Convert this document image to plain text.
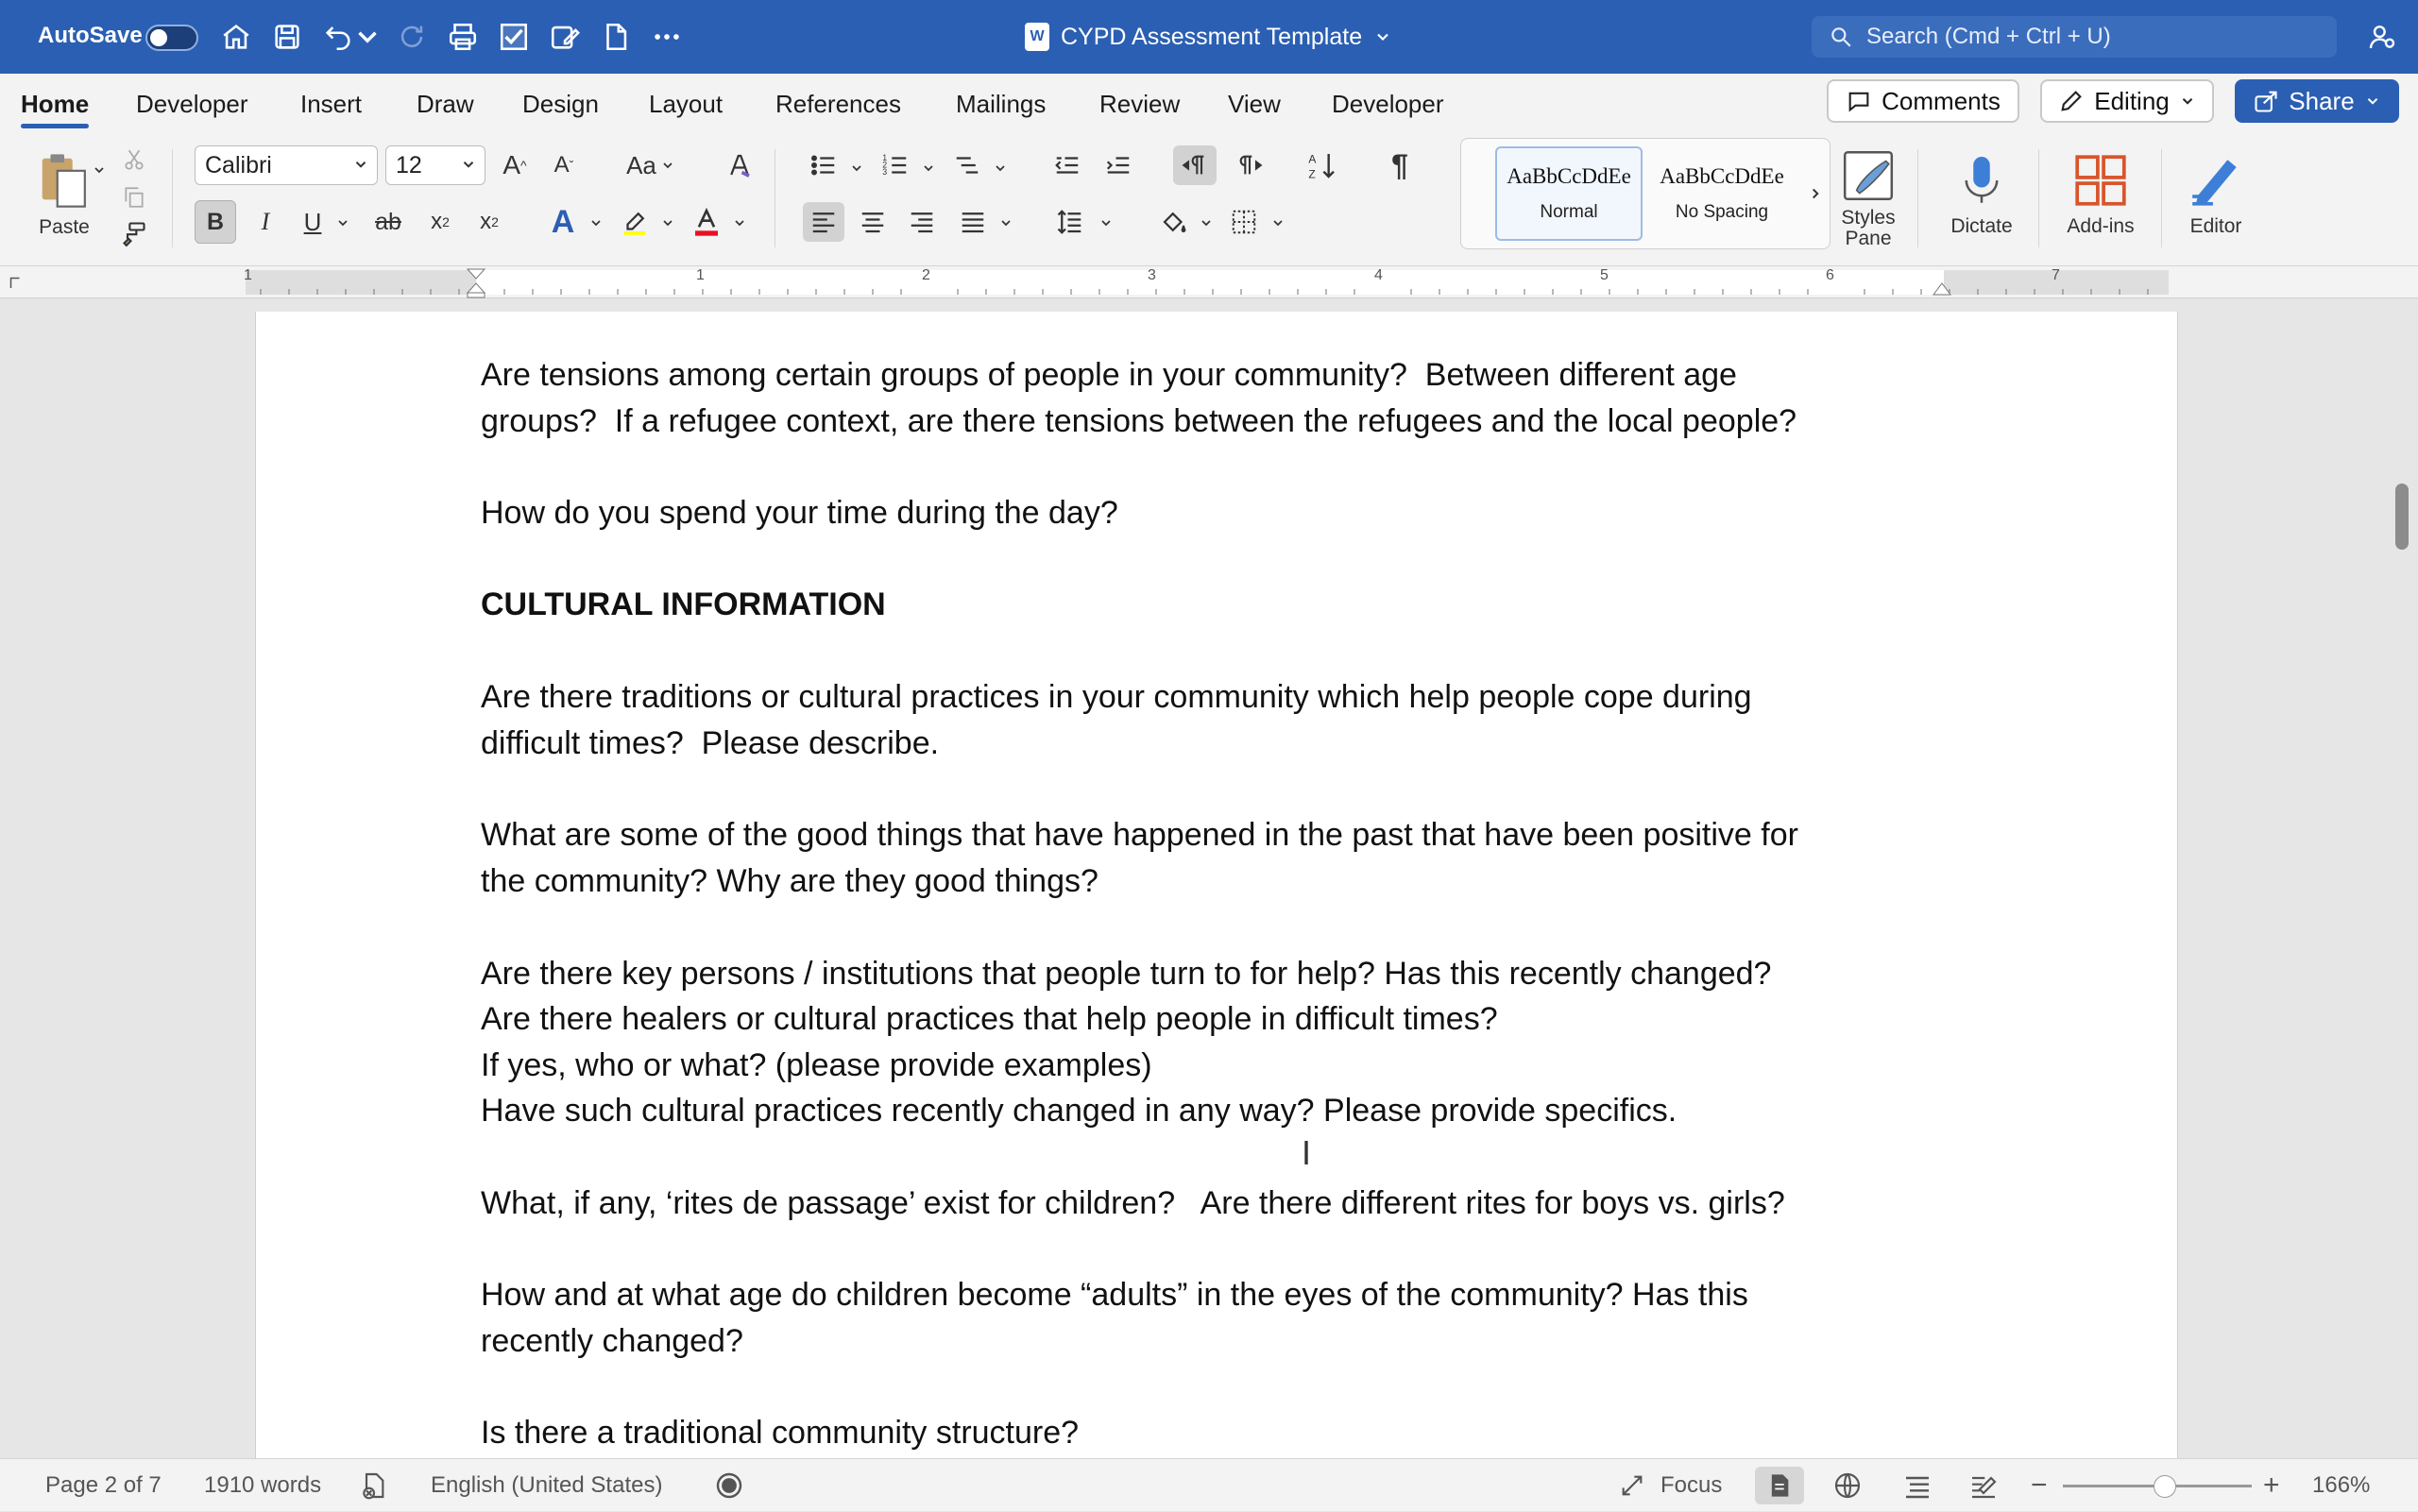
AutoSave	W CYPD Assessment Template	Search (Cmd + Ctrl + U)
Home Developer Insert Draw Design Layout References Mailings Review View Developer	Comments	Editing	Share
Paste
Calibri	12	A ^	A ˇ Aa
B	I	U	ab	x 2	x 2 A
1
2
3
A
Z	¶	AaBbCcDdEe
Normal
AaBbCcDdEe
No Spacing	Styles
Pane
Dictate	Add-ins	Editor
1	1	2	3	4	5	6	7
Are tensions among certain groups of people in your community?  Between different age
groups?  If a refugee context, are there tensions between the refugees and the local people?
How do you spend your time during the day?
CULTURAL INFORMATION
Are there traditions or cultural practices in your community which help people cope during
difficult times?  Please describe.
What are some of the good things that have happened in the past that have been positive for
the community? Why are they good things?
Are there key persons / institutions that people turn to for help? Has this recently changed?
Are there healers or cultural practices that help people in difficult times?
If yes, who or what? (please provide examples)
Have such cultural practices recently changed in any way? Please provide specifics.
What, if any, ‘rites de passage’ exist for children?   Are there different rites for boys vs. girls?
How and at what age do children become “adults” in the eyes of the community? Has this
recently changed?
Is there a traditional community structure?
I
Page 2 of 7 1910 words	English (United States)	Focus	−	+ 166%
